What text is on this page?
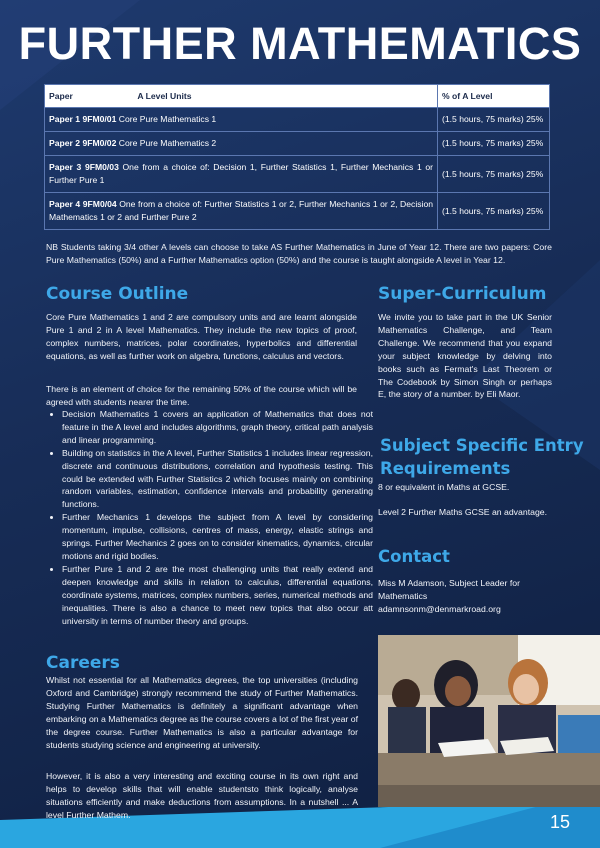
FURTHER MATHEMATICS
Paper A Level Units	% of A Level
Paper 1 9FM0/01 Core Pure Mathematics 1	(1.5 hours, 75 marks) 25%
Paper 2 9FM0/02 Core Pure Mathematics 2	(1.5 hours, 75 marks) 25%
Paper 3 9FM0/03 One from a choice of: Decision 1, Further Statistics 1, Further Mechanics 1 or Further Pure 1	(1.5 hours, 75 marks) 25%
Paper 4 9FM0/04 One from a choice of: Further Statistics 1 or 2, Further Mechanics 1 or 2, Decision Mathematics 1 or 2 and Further Pure 2	(1.5 hours, 75 marks) 25%
NB Students taking 3/4 other A levels can choose to take AS Further Mathematics in June of Year 12. There are two papers: Core Pure Mathematics (50%) and a Further Mathematics option (50%) and the course is taught alongside A level in Year 12.
Course Outline
Core Pure Mathematics 1 and 2 are compulsory units and are learnt alongside Pure 1 and 2 in A level Mathematics. They include the new topics of proof, complex numbers, matrices, polar coordinates, hyperbolics and differential equations, as well as further work on algebra, functions, calculus and vectors.
There is an element of choice for the remaining 50% of the course which will be agreed with students nearer the time.
• Decision Mathematics 1 covers an application of Mathematics that does not feature in the A level and includes algorithms, graph theory, critical path analysis and linear programming.
• Building on statistics in the A level, Further Statistics 1 includes linear regression, discrete and continuous distributions, correlation and hypothesis testing. This could be extended with Further Statistics 2 which focuses mainly on combining random variables, estimation, confidence intervals and probability generating functions.
• Further Mechanics 1 develops the subject from A level by considering momentum, impulse, collisions, centres of mass, energy, elastic strings and springs. Further Mechanics 2 goes on to consider kinematics, dynamics, circular motions and rigid bodies.
• Further Pure 1 and 2 are the most challenging units that really extend and deepen knowledge and skills in relation to calculus, differential equations, coordinate systems, matrices, complex numbers, series, numerical methods and inequalities. There is also a chance to meet new topics that also occur att university in terms of number theory and groups.
Super-Curriculum
We invite you to take part in the UK Senior Mathematics Challenge, and Team Challenge. We recommend that you expand your subject knowledge by delving into books such as Fermat's Last Theorem or The Codebook by Simon Singh or perhaps E, the story of a number. by Eli Maor.
Subject Specific Entry Requirements
8 or equivalent in Maths at GCSE.
Level 2 Further Maths GCSE an advantage.
Contact
Miss M Adamson, Subject Leader for Mathematics
adamnsonm@denmarkroad.org
Careers
Whilst not essential for all Mathematics degrees, the top universities (including Oxford and Cambridge) strongly recommend the study of Further Mathematics. Studying Further Mathematics is definitely a significant advantage when embarking on a Mathematics degree as the course covers a lot of the first year of the degree course. Further Mathematics is also a particular advantage for students studying science and engineering at university.
However, it is also a very interesting and exciting course in its own right and helps to develop skills that will enable studentsto think logically, analyse situations efficiently and make deductions from assumptions. In a nutshell ... A level Further Mathem.	15
